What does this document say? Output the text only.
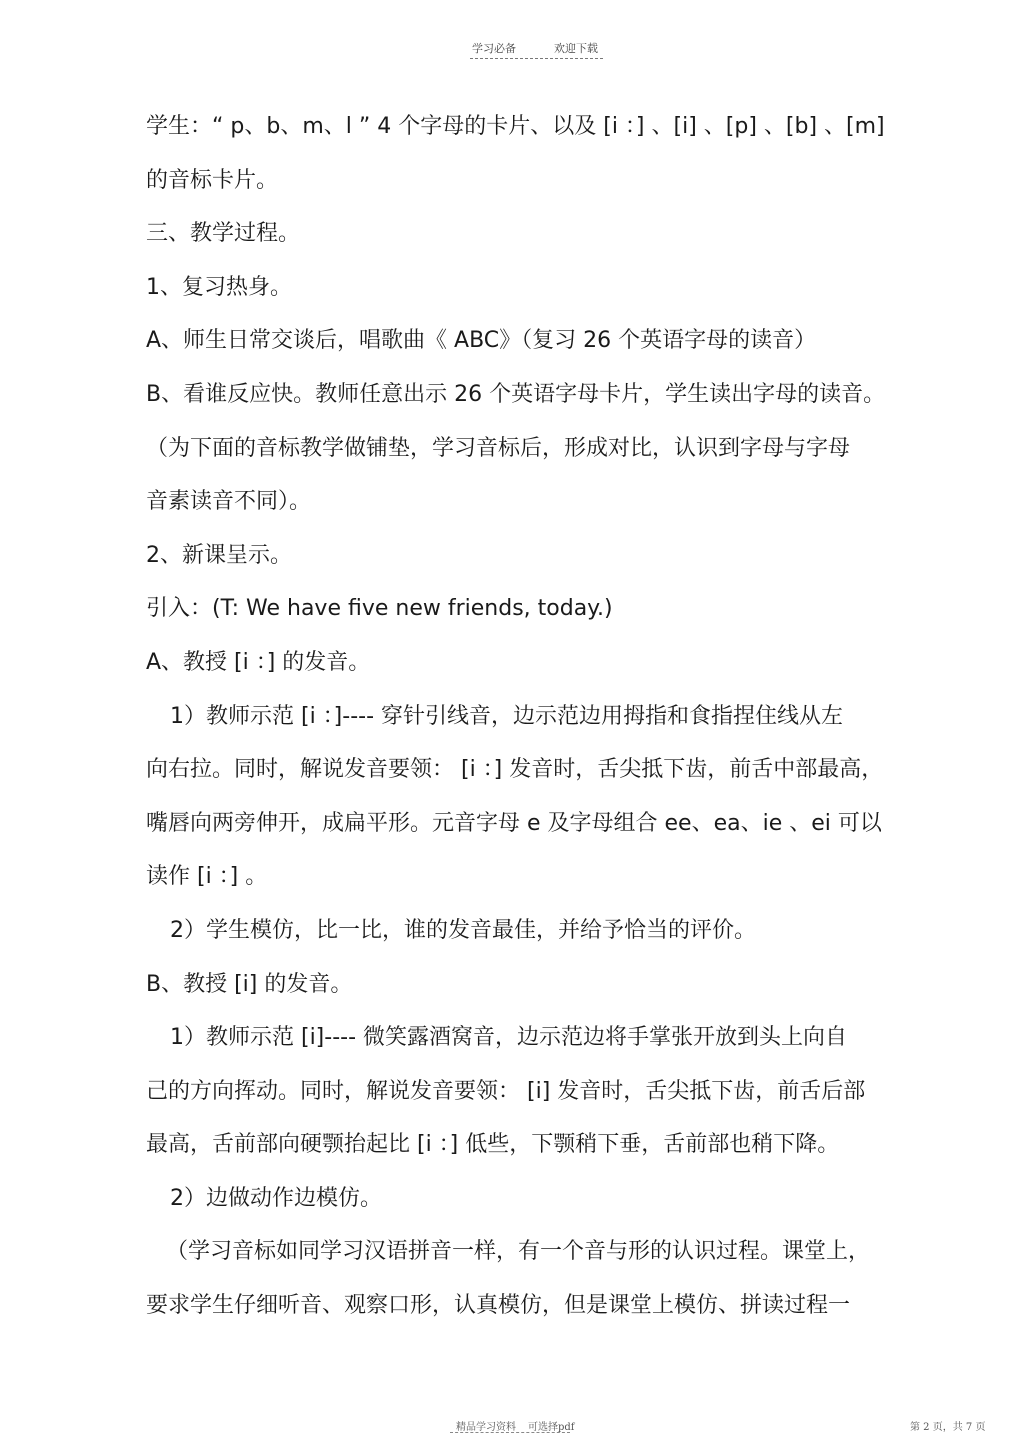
学习必备	欢迎下载
学生：“ p、b、m、l ” 4 个字母的卡片、以及 [i ：] 、[i] 、[p] 、[b] 、[m]
的音标卡片。
三、教学过程。
1、复习热身。
A、师生日常交谈后，唱歌曲《 ABC》（复习 26 个英语字母的读音）
B、看谁反应快。教师任意出示 26 个英语字母卡片，学生读出字母的读音。
（为下面的音标教学做铺垫，学习音标后，形成对比，认识到字母与字母
音素读音不同）。
2、新课呈示。
引入：(T: We have five new friends, today.)
A、教授 [i ：] 的发音。
1）教师示范 [i ：]---- 穿针引线音，边示范边用拇指和食指捏住线从左
向右拉。同时，解说发音要领： [i ：] 发音时，舌尖抵下齿，前舌中部最高，
嘴唇向两旁伸开，成扁平形。元音字母 e 及字母组合 ee、ea、ie 、ei 可以
读作 [i ：] 。
2）学生模仿，比一比，谁的发音最佳，并给予恰当的评价。
B、教授 [i] 的发音。
1）教师示范 [i]---- 微笑露酒窝音，边示范边将手掌张开放到头上向自
己的方向挥动。同时，解说发音要领： [i] 发音时，舌尖抵下齿，前舌后部
最高，舌前部向硬颚抬起比 [i ：] 低些，下颚稍下垂，舌前部也稍下降。
2）边做动作边模仿。
（学习音标如同学习汉语拼音一样，有一个音与形的认识过程。课堂上，
要求学生仔细听音、观察口形，认真模仿，但是课堂上模仿、拼读过程一
精品学习资料 可选择pdf	第 2 页，共 7 页
